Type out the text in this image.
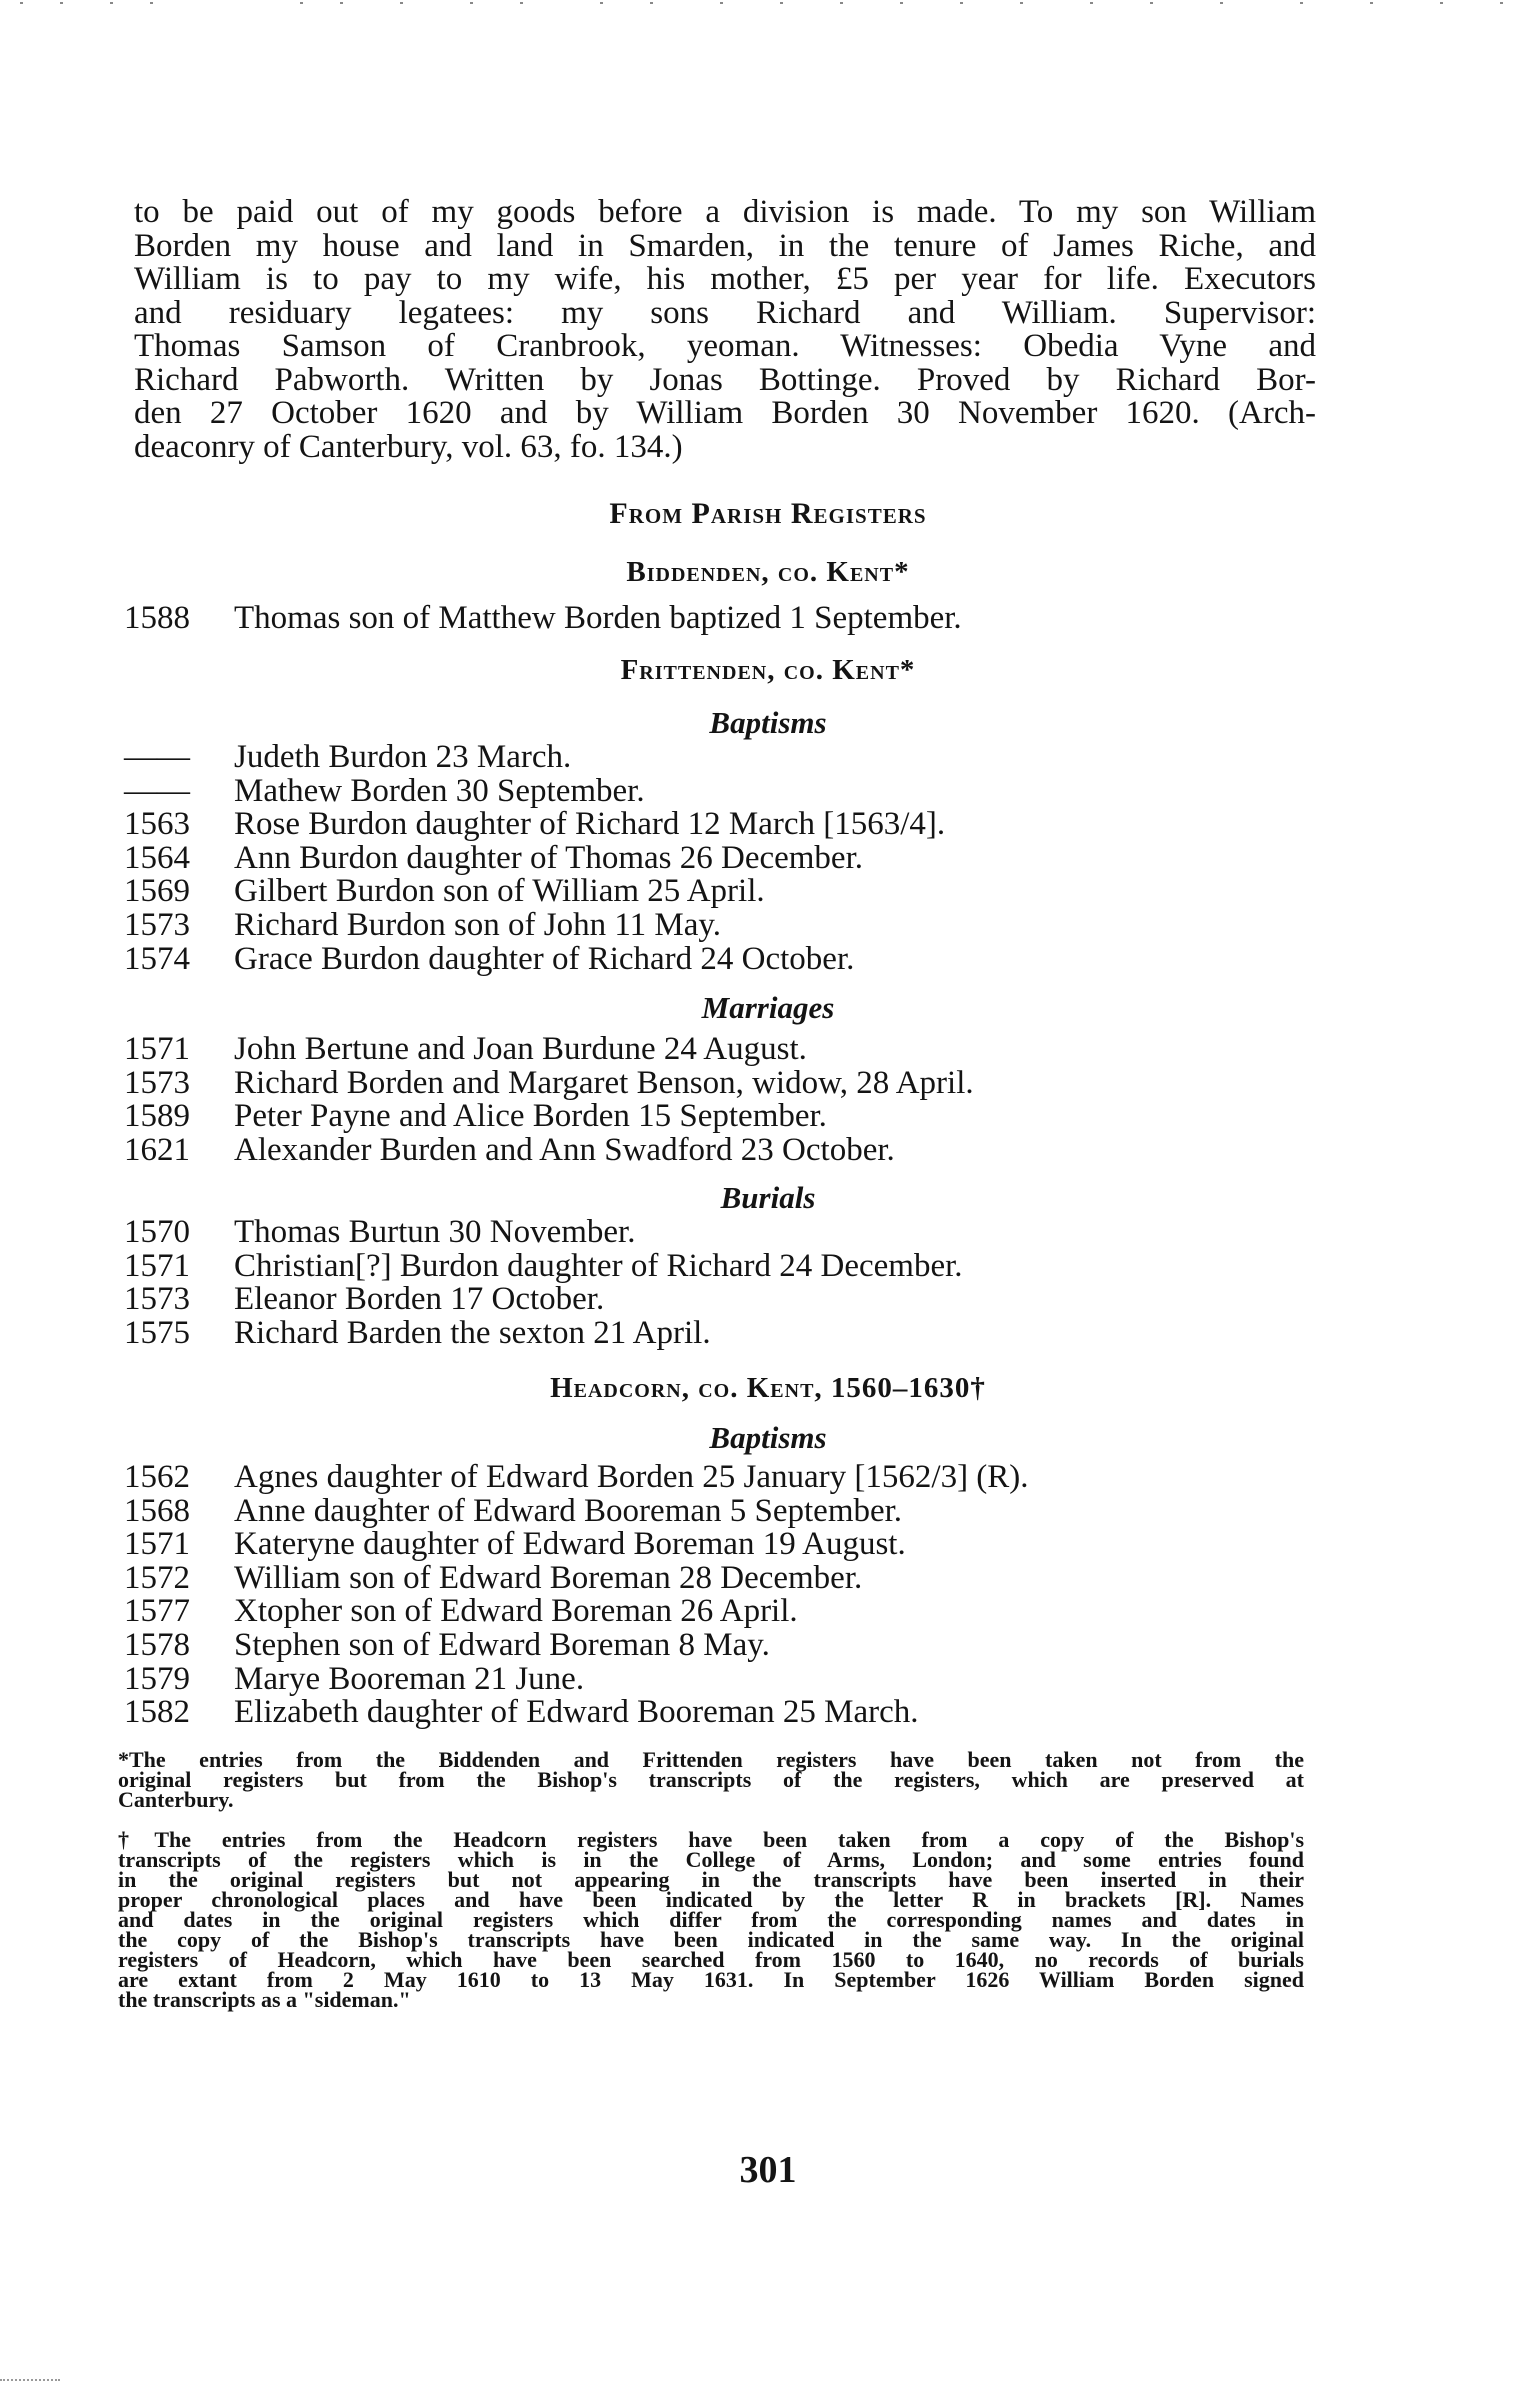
to be paid out of my goods before a division is made. To my son William
Borden my house and land in Smarden, in the tenure of James Riche, and
William is to pay to my wife, his mother, £5 per year for life. Executors
and residuary legatees: my sons Richard and William. Supervisor:
Thomas Samson of Cranbrook, yeoman. Witnesses: Obedia Vyne and
Richard Pabworth. Written by Jonas Bottinge. Proved by Richard Bor-
den 27 October 1620 and by William Borden 30 November 1620. (Arch-
deaconry of Canterbury, vol. 63, fo. 134.)

From Parish Registers
Biddenden, co. Kent*
1588	Thomas son of Matthew Borden baptized 1 September.
Frittenden, co. Kent*
Baptisms
——	Judeth Burdon 23 March.
——	Mathew Borden 30 September.
1563	Rose Burdon daughter of Richard 12 March [1563/4].
1564	Ann Burdon daughter of Thomas 26 December.
1569	Gilbert Burdon son of William 25 April.
1573	Richard Burdon son of John 11 May.
1574	Grace Burdon daughter of Richard 24 October.
Marriages
1571	John Bertune and Joan Burdune 24 August.
1573	Richard Borden and Margaret Benson, widow, 28 April.
1589	Peter Payne and Alice Borden 15 September.
1621	Alexander Burden and Ann Swadford 23 October.
Burials
1570	Thomas Burtun 30 November.
1571	Christian[?] Burdon daughter of Richard 24 December.
1573	Eleanor Borden 17 October.
1575	Richard Barden the sexton 21 April.
Headcorn, co. Kent, 1560–1630†
Baptisms
1562	Agnes daughter of Edward Borden 25 January [1562/3] (R).
1568	Anne daughter of Edward Booreman 5 September.
1571	Kateryne daughter of Edward Boreman 19 August.
1572	William son of Edward Boreman 28 December.
1577	Xtopher son of Edward Boreman 26 April.
1578	Stephen son of Edward Boreman 8 May.
1579	Marye Booreman 21 June.
1582	Elizabeth daughter of Edward Booreman 25 March.

*The entries from the Biddenden and Frittenden registers have been taken not from the
original registers but from the Bishop's transcripts of the registers, which are preserved at
Canterbury.

†The entries from the Headcorn registers have been taken from a copy of the Bishop's
transcripts of the registers which is in the College of Arms, London; and some entries found
in the original registers but not appearing in the transcripts have been inserted in their
proper chronological places and have been indicated by the letter R in brackets [R]. Names
and dates in the original registers which differ from the corresponding names and dates in
the copy of the Bishop's transcripts have been indicated in the same way. In the original
registers of Headcorn, which have been searched from 1560 to 1640, no records of burials
are extant from 2 May 1610 to 13 May 1631. In September 1626 William Borden signed
the transcripts as a "sideman."

301
